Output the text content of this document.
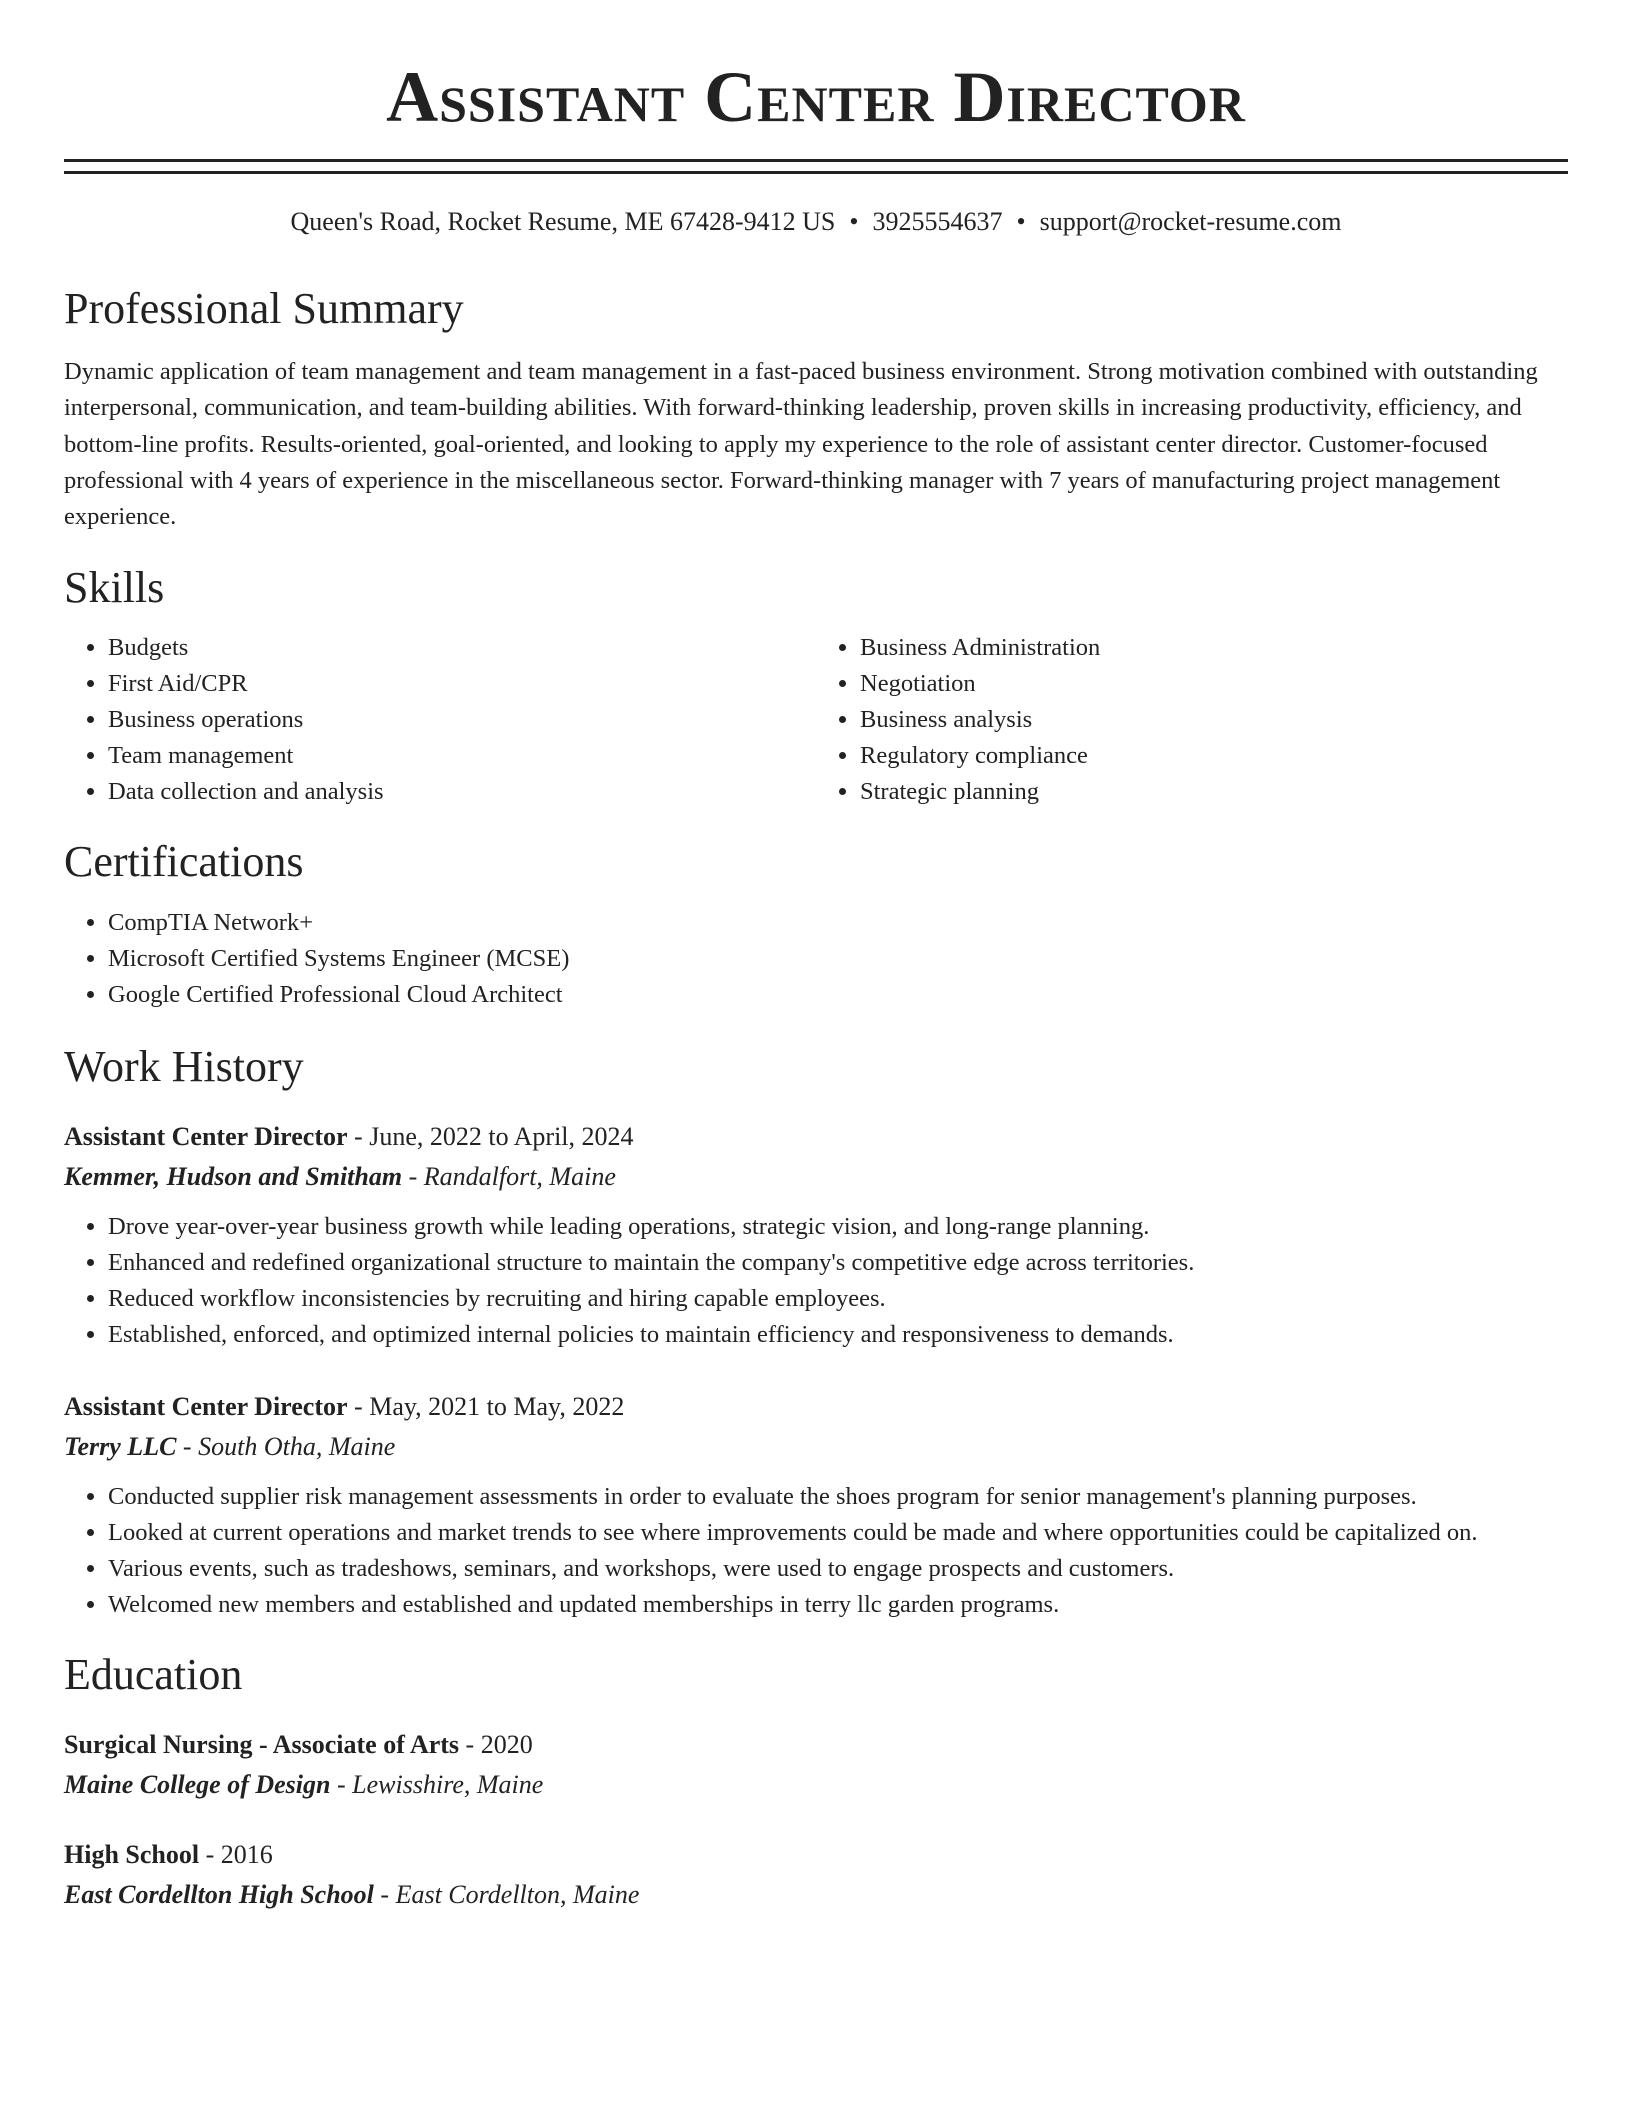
Assistant Center Director
Queen's Road, Rocket Resume, ME 67428-9412 US • 3925554637 • support@rocket-resume.com
Professional Summary
Dynamic application of team management and team management in a fast-paced business environment. Strong motivation combined with outstanding interpersonal, communication, and team-building abilities. With forward-thinking leadership, proven skills in increasing productivity, efficiency, and bottom-line profits. Results-oriented, goal-oriented, and looking to apply my experience to the role of assistant center director. Customer-focused professional with 4 years of experience in the miscellaneous sector. Forward-thinking manager with 7 years of manufacturing project management experience.
Skills
• Budgets
• First Aid/CPR
• Business operations
• Team management
• Data collection and analysis
• Business Administration
• Negotiation
• Business analysis
• Regulatory compliance
• Strategic planning
Certifications
• CompTIA Network+
• Microsoft Certified Systems Engineer (MCSE)
• Google Certified Professional Cloud Architect
Work History
Assistant Center Director - June, 2022 to April, 2024
Kemmer, Hudson and Smitham - Randalfort, Maine
• Drove year-over-year business growth while leading operations, strategic vision, and long-range planning.
• Enhanced and redefined organizational structure to maintain the company's competitive edge across territories.
• Reduced workflow inconsistencies by recruiting and hiring capable employees.
• Established, enforced, and optimized internal policies to maintain efficiency and responsiveness to demands.
Assistant Center Director - May, 2021 to May, 2022
Terry LLC - South Otha, Maine
• Conducted supplier risk management assessments in order to evaluate the shoes program for senior management's planning purposes.
• Looked at current operations and market trends to see where improvements could be made and where opportunities could be capitalized on.
• Various events, such as tradeshows, seminars, and workshops, were used to engage prospects and customers.
• Welcomed new members and established and updated memberships in terry llc garden programs.
Education
Surgical Nursing - Associate of Arts - 2020
Maine College of Design - Lewisshire, Maine
High School - 2016
East Cordellton High School - East Cordellton, Maine
